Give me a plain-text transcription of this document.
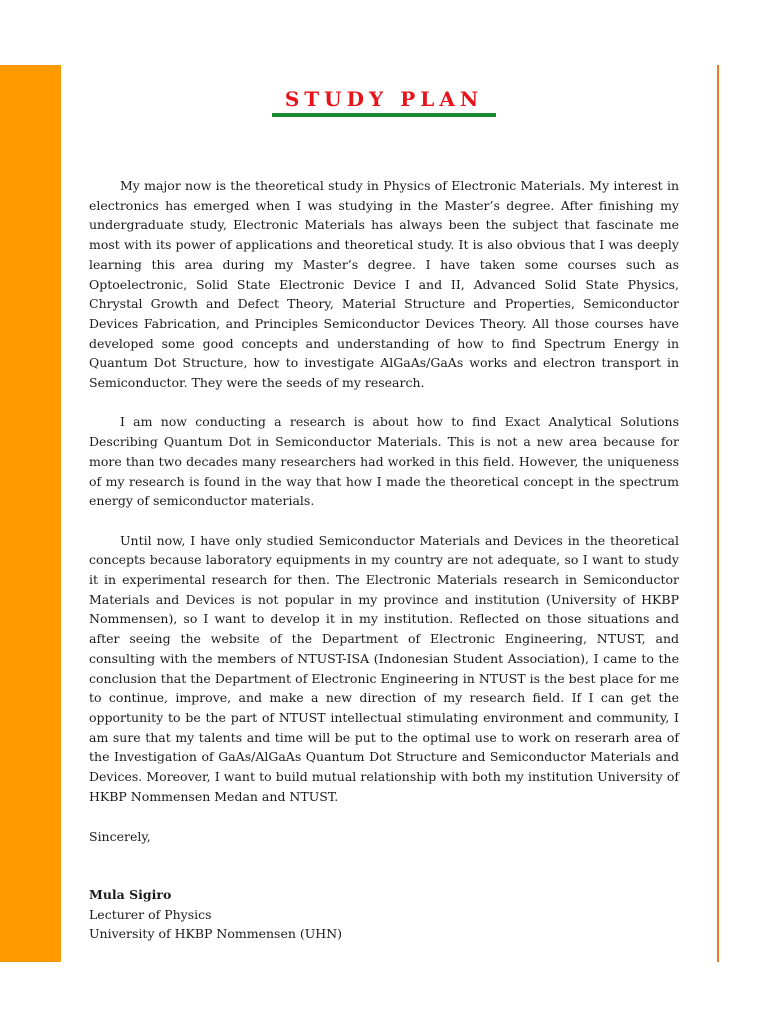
STUDY PLAN

My major now is the theoretical study in Physics of Electronic Materials. My interest in electronics has emerged when I was studying in the Master’s degree. After finishing my undergraduate study, Electronic Materials has always been the subject that fascinate me most with its power of applications and theoretical study. It is also obvious that I was deeply learning this area during my Master’s degree. I have taken some courses such as Optoelectronic, Solid State Electronic Device I and II, Advanced Solid State Physics, Chrystal Growth and Defect Theory, Material Structure and Properties, Semiconductor Devices Fabrication, and Principles Semiconductor Devices Theory. All those courses have developed some good concepts and understanding of how to find Spectrum Energy in Quantum Dot Structure, how to investigate AlGaAs/GaAs works and electron transport in Semiconductor. They were the seeds of my research.

I am now conducting a research is about how to find Exact Analytical Solutions Describing Quantum Dot in Semiconductor Materials. This is not a new area because for more than two decades many researchers had worked in this field. However, the uniqueness of my research is found in the way that how I made the theoretical concept in the spectrum energy of semiconductor materials.

Until now, I have only studied Semiconductor Materials and Devices in the theoretical concepts because laboratory equipments in my country are not adequate, so I want to study it in experimental research for then. The Electronic Materials research in Semiconductor Materials and Devices is not popular in my province and institution (University of HKBP Nommensen), so I want to develop it in my institution. Reflected on those situations and after seeing the website of the Department of Electronic Engineering, NTUST, and consulting with the members of NTUST-ISA (Indonesian Student Association), I came to the conclusion that the Department of Electronic Engineering in NTUST is the best place for me to continue, improve, and make a new direction of my research field. If I can get the opportunity to be the part of NTUST intellectual stimulating environment and community, I am sure that my talents and time will be put to the optimal use to work on reserarh area of the Investigation of GaAs/AlGaAs Quantum Dot Structure and Semiconductor Materials and Devices. Moreover, I want to build mutual relationship with both my institution University of HKBP Nommensen Medan and NTUST.

Sincerely,

Mula Sigiro
Lecturer of Physics
University of HKBP Nommensen (UHN)
